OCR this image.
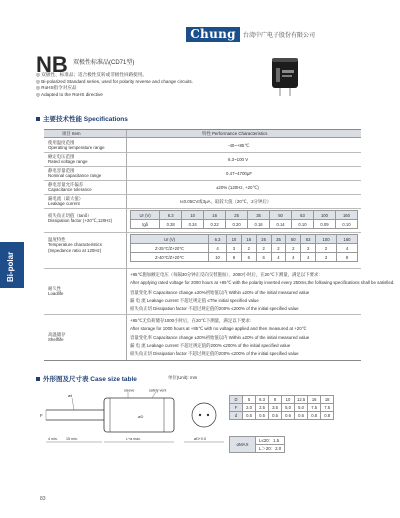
Chung	台湾中广电子股份有限公司
NB 双极性标准品(CD71型)
◎ 双极性、标准品；适合极性反转或非极性回路使用。
◎ Bi-polarized Standard series, used for polarity reverse and change circuits.
◎ RoHS指令对应品
◎ Adapted to the RoHS directive
主要技术性能 Specifications
项目 Item	特性 Performance Characteristics
使用温度范围
Operating temperature range	-40~+85℃
额定电压范围
Rated voltage range	6.3~100 V
静电容量范围
Nominal capacitance range	0.47~4700μF
静电容量允许偏差
Capacitance tolerance	±20% (120Hz, +20℃)
漏电流（最大值）
Leakage current	I≤0.05CV或3μA，取较大值（20℃，2分钟后）
损失角正切值（tanδ）
Dissipation factor (+20℃,120Hz)
Ur (V)	6.3	10	16	25	35	50	63	100	160
tgδ	0.28	0.24	0.22	0.20	0.16	0.14	0.10	0.09	0.10
温度特性
Temperature characteristics
(Impedance ratio at 120Hz)
Ur (V)	6.3	10	16	25	35	50	63	100	160
Z-25℃/Z+20℃	4	3	2	2	2	2	2	2	4
Z-40℃/Z+20℃	10	8	6	6	4	4	4	3	8
耐久性
Loadlife
+85℃施加额定电压（每隔30分钟正反向交替施加），2000小时后，在20℃下测量，满足以下要求：
After applying rated voltage for 2000 hours at +85℃ with the polarity inverted every 250ms,the following specifications shall be satisfied.
容量变化率 Capacitance change ±20%初始值以内 Within ±20% of the initial measured value
漏 电 流 Leakage current 不超过规定值 ≤The initial specified value
损失角正切 Dissipation factor 不超过规定值的200% ≤200% of the initial specified value
高温储存
Shelflife
+85℃无负荷储存1000小时后，在20℃下测量，满足以下要求：
After storage for 1000 hours at +85℃ with no voltage applied and then measured at +20℃
容量变化率 Capacitance change ±20%初始值以内 Within ±20% of the initial measured value
漏 电 流 Leakage current 不超过规定值的200% ≤200% of the initial specified value
损失角正切 Dissipation factor 不超过规定值的200% ≤200% of the initial specified value
Bi-polar
外形图及尺寸表 Case size table	单位(Unit): mm
sleeve	safety vent
ød
F	øD
4 min. 15 min.	L+a max.	øD+0.5
D	5	6.3	8	10	12.5	16	18
F	2.0	2.5	3.5	5.0	5.0	7.5	7.5
d	0.5	0.5	0.5	0.6	0.6	0.8	0.8
αMAX	L≤20：1.5
L＞20：2.0
83
